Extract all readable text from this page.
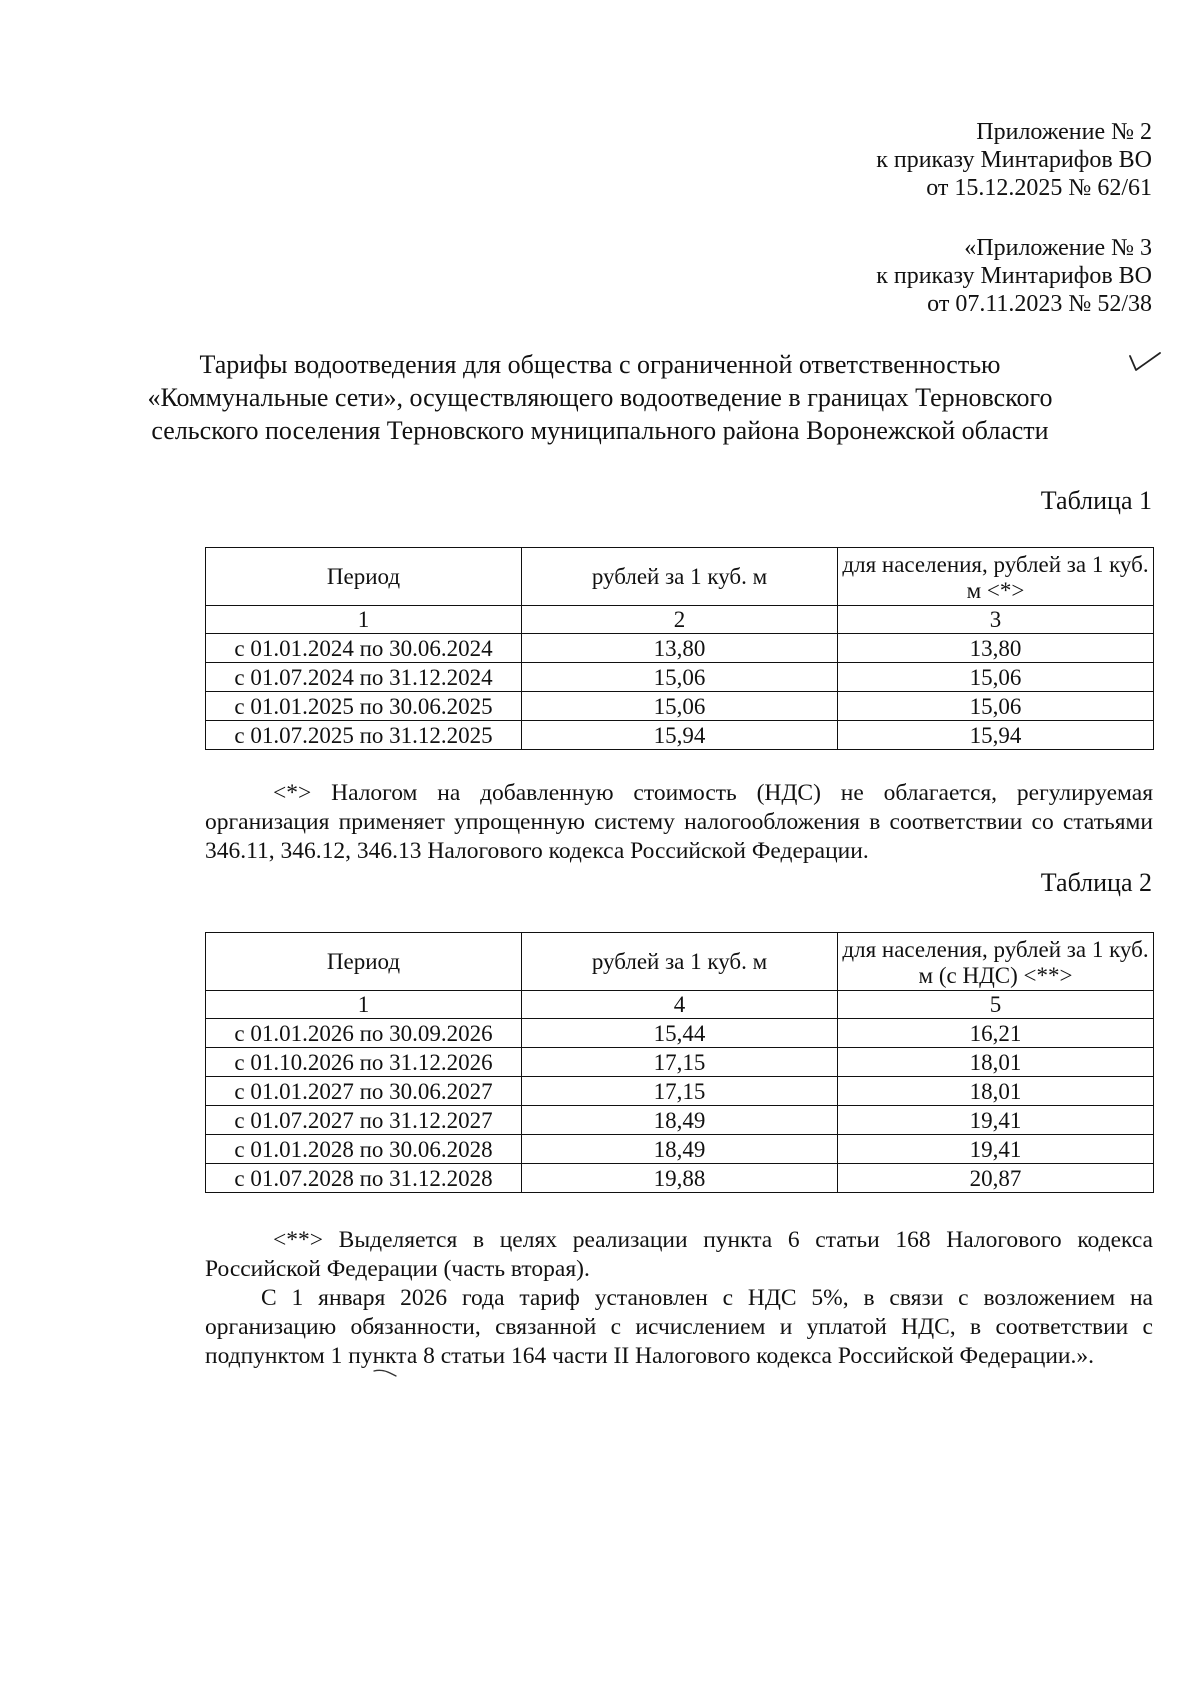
Приложение № 2
к приказу Минтарифов ВО
от 15.12.2025 № 62/61
«Приложение № 3
к приказу Минтарифов ВО
от 07.11.2023 № 52/38
Тарифы водоотведения для общества с ограниченной ответственностью «Коммунальные сети», осуществляющего водоотведение в границах Терновского сельского поселения Терновского муниципального района Воронежской области
Таблица 1
Период	рублей за 1 куб. м	для населения, рублей за 1 куб. м <*>
1	2	3
с 01.01.2024 по 30.06.2024	13,80	13,80
с 01.07.2024 по 31.12.2024	15,06	15,06
с 01.01.2025 по 30.06.2025	15,06	15,06
с 01.07.2025 по 31.12.2025	15,94	15,94
<*> Налогом на добавленную стоимость (НДС) не облагается, регулируемая организация применяет упрощенную систему налогообложения в соответствии со статьями 346.11, 346.12, 346.13 Налогового кодекса Российской Федерации.
Таблица 2
Период	рублей за 1 куб. м	для населения, рублей за 1 куб. м (с НДС) <**>
1	4	5
с 01.01.2026 по 30.09.2026	15,44	16,21
с 01.10.2026 по 31.12.2026	17,15	18,01
с 01.01.2027 по 30.06.2027	17,15	18,01
с 01.07.2027 по 31.12.2027	18,49	19,41
с 01.01.2028 по 30.06.2028	18,49	19,41
с 01.07.2028 по 31.12.2028	19,88	20,87
<**> Выделяется в целях реализации пункта 6 статьи 168 Налогового кодекса Российской Федерации (часть вторая).
С 1 января 2026 года тариф установлен с НДС 5%, в связи с возложением на организацию обязанности, связанной с исчислением и уплатой НДС, в соответствии с подпунктом 1 пункта 8 статьи 164 части II Налогового кодекса Российской Федерации.».
